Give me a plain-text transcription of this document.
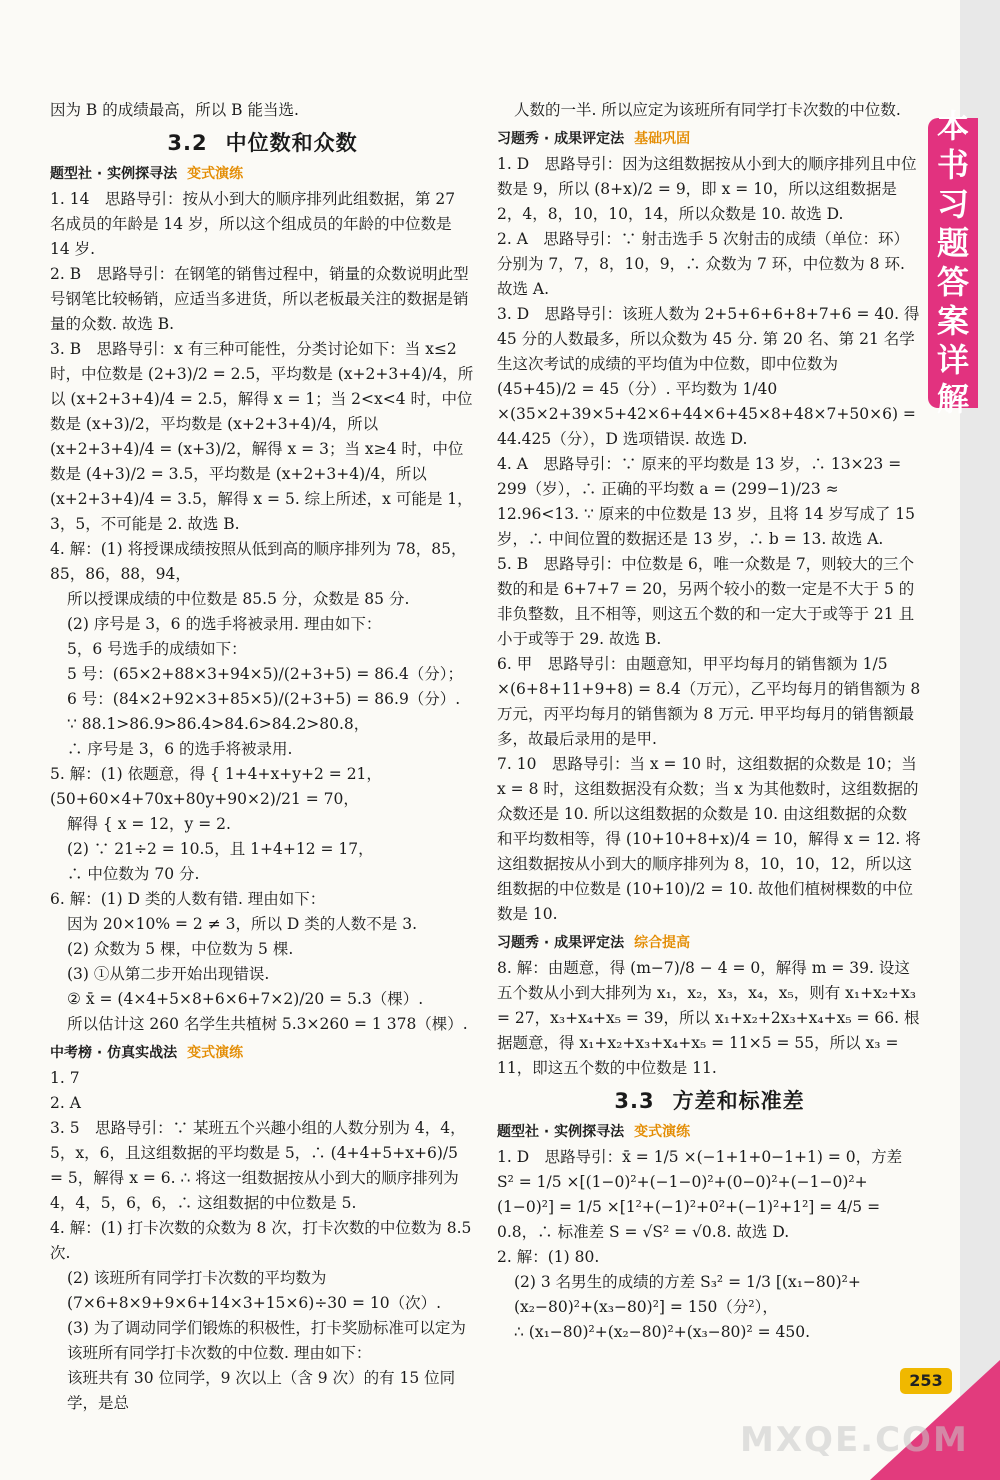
因为 B 的成绩最高，所以 B 能当选.

3.2 中位数和众数
题型社 · 实例探寻法 变式演练

1. 14　思路导引：按从小到大的顺序排列此组数据，第 27 名成员的年龄是 14 岁，所以这个组成员的年龄的中位数是 14 岁.

2. B　思路导引：在钢笔的销售过程中，销量的众数说明此型号钢笔比较畅销，应适当多进货，所以老板最关注的数据是销量的众数. 故选 B.

3. B　思路导引：x 有三种可能性，分类讨论如下：当 x≤2 时，中位数是 (2+3)/2 = 2.5，平均数是 (x+2+3+4)/4，所以 (x+2+3+4)/4 = 2.5，解得 x = 1；当 2<x<4 时，中位数是 (x+3)/2，平均数是 (x+2+3+4)/4，所以 (x+2+3+4)/4 = (x+3)/2，解得 x = 3；当 x≥4 时，中位数是 (4+3)/2 = 3.5，平均数是 (x+2+3+4)/4，所以 (x+2+3+4)/4 = 3.5，解得 x = 5. 综上所述，x 可能是 1，3，5，不可能是 2. 故选 B.

4. 解：(1) 将授课成绩按照从低到高的顺序排列为 78，85，85，86，88，94，

所以授课成绩的中位数是 85.5 分，众数是 85 分.

(2) 序号是 3，6 的选手将被录用. 理由如下：

5，6 号选手的成绩如下：

5 号：(65×2+88×3+94×5)/(2+3+5) = 86.4（分）；

6 号：(84×2+92×3+85×5)/(2+3+5) = 86.9（分）.

∵ 88.1>86.9>86.4>84.6>84.2>80.8，

∴ 序号是 3，6 的选手将被录用.

5. 解：(1) 依题意，得 { 1+4+x+y+2 = 21，(50+60×4+70x+80y+90×2)/21 = 70，

解得 { x = 12，y = 2.

(2) ∵ 21÷2 = 10.5，且 1+4+12 = 17，

∴ 中位数为 70 分.

6. 解：(1) D 类的人数有错. 理由如下：

因为 20×10% = 2 ≠ 3，所以 D 类的人数不是 3.

(2) 众数为 5 棵，中位数为 5 棵.

(3) ①从第二步开始出现错误.

② x̄ = (4×4+5×8+6×6+7×2)/20 = 5.3（棵）.

所以估计这 260 名学生共植树 5.3×260 = 1 378（棵）.

中考榜 · 仿真实战法 变式演练

1. 7

2. A

3. 5　思路导引：∵ 某班五个兴趣小组的人数分别为 4，4，5，x，6，且这组数据的平均数是 5，∴ (4+4+5+x+6)/5 = 5，解得 x = 6. ∴ 将这一组数据按从小到大的顺序排列为 4，4，5，6，6，∴ 这组数据的中位数是 5.

4. 解：(1) 打卡次数的众数为 8 次，打卡次数的中位数为 8.5 次.

(2) 该班所有同学打卡次数的平均数为 (7×6+8×9+9×6+14×3+15×6)÷30 = 10（次）.

(3) 为了调动同学们锻炼的积极性，打卡奖励标准可以定为该班所有同学打卡次数的中位数. 理由如下：

该班共有 30 位同学，9 次以上（含 9 次）的有 15 位同学，是总

人数的一半. 所以应定为该班所有同学打卡次数的中位数.

习题秀 · 成果评定法 基础巩固

1. D　思路导引：因为这组数据按从小到大的顺序排列且中位数是 9，所以 (8+x)/2 = 9，即 x = 10，所以这组数据是 2，4，8，10，10，14，所以众数是 10. 故选 D.

2. A　思路导引：∵ 射击选手 5 次射击的成绩（单位：环）分别为 7，7，8，10，9，∴ 众数为 7 环，中位数为 8 环. 故选 A.

3. D　思路导引：该班人数为 2+5+6+6+8+7+6 = 40. 得 45 分的人数最多，所以众数为 45 分. 第 20 名、第 21 名学生这次考试的成绩的平均值为中位数，即中位数为 (45+45)/2 = 45（分）. 平均数为 1/40 ×(35×2+39×5+42×6+44×6+45×8+48×7+50×6) = 44.425（分），D 选项错误. 故选 D.

4. A　思路导引：∵ 原来的平均数是 13 岁，∴ 13×23 = 299（岁），∴ 正确的平均数 a = (299−1)/23 ≈ 12.96<13. ∵ 原来的中位数是 13 岁，且将 14 岁写成了 15 岁，∴ 中间位置的数据还是 13 岁，∴ b = 13. 故选 A.

5. B　思路导引：中位数是 6，唯一众数是 7，则较大的三个数的和是 6+7+7 = 20，另两个较小的数一定是不大于 5 的非负整数，且不相等，则这五个数的和一定大于或等于 21 且小于或等于 29. 故选 B.

6. 甲　思路导引：由题意知，甲平均每月的销售额为 1/5 ×(6+8+11+9+8) = 8.4（万元），乙平均每月的销售额为 8 万元，丙平均每月的销售额为 8 万元. 甲平均每月的销售额最多，故最后录用的是甲.

7. 10　思路导引：当 x = 10 时，这组数据的众数是 10；当 x = 8 时，这组数据没有众数；当 x 为其他数时，这组数据的众数还是 10. 所以这组数据的众数是 10. 由这组数据的众数和平均数相等，得 (10+10+8+x)/4 = 10，解得 x = 12. 将这组数据按从小到大的顺序排列为 8，10，10，12，所以这组数据的中位数是 (10+10)/2 = 10. 故他们植树棵数的中位数是 10.

习题秀 · 成果评定法 综合提高

8. 解：由题意，得 (m−7)/8 − 4 = 0，解得 m = 39. 设这五个数从小到大排列为 x₁，x₂，x₃，x₄，x₅，则有 x₁+x₂+x₃ = 27，x₃+x₄+x₅ = 39，所以 x₁+x₂+2x₃+x₄+x₅ = 66. 根据题意，得 x₁+x₂+x₃+x₄+x₅ = 11×5 = 55，所以 x₃ = 11，即这五个数的中位数是 11.

3.3 方差和标准差
题型社 · 实例探寻法 变式演练

1. D　思路导引：x̄ = 1/5 ×(−1+1+0−1+1) = 0，方差 S² = 1/5 ×[(1−0)²+(−1−0)²+(0−0)²+(−1−0)²+(1−0)²] = 1/5 ×[1²+(−1)²+0²+(−1)²+1²] = 4/5 = 0.8，∴ 标准差 S = √S² = √0.8. 故选 D.

2. 解：(1) 80.

(2) 3 名男生的成绩的方差 S₃² = 1/3 [(x₁−80)²+(x₂−80)²+(x₃−80)²] = 150（分²），

∴ (x₁−80)²+(x₂−80)²+(x₃−80)² = 450.

本
书
习
题
答
案
详
解
253
MXQE.COM
